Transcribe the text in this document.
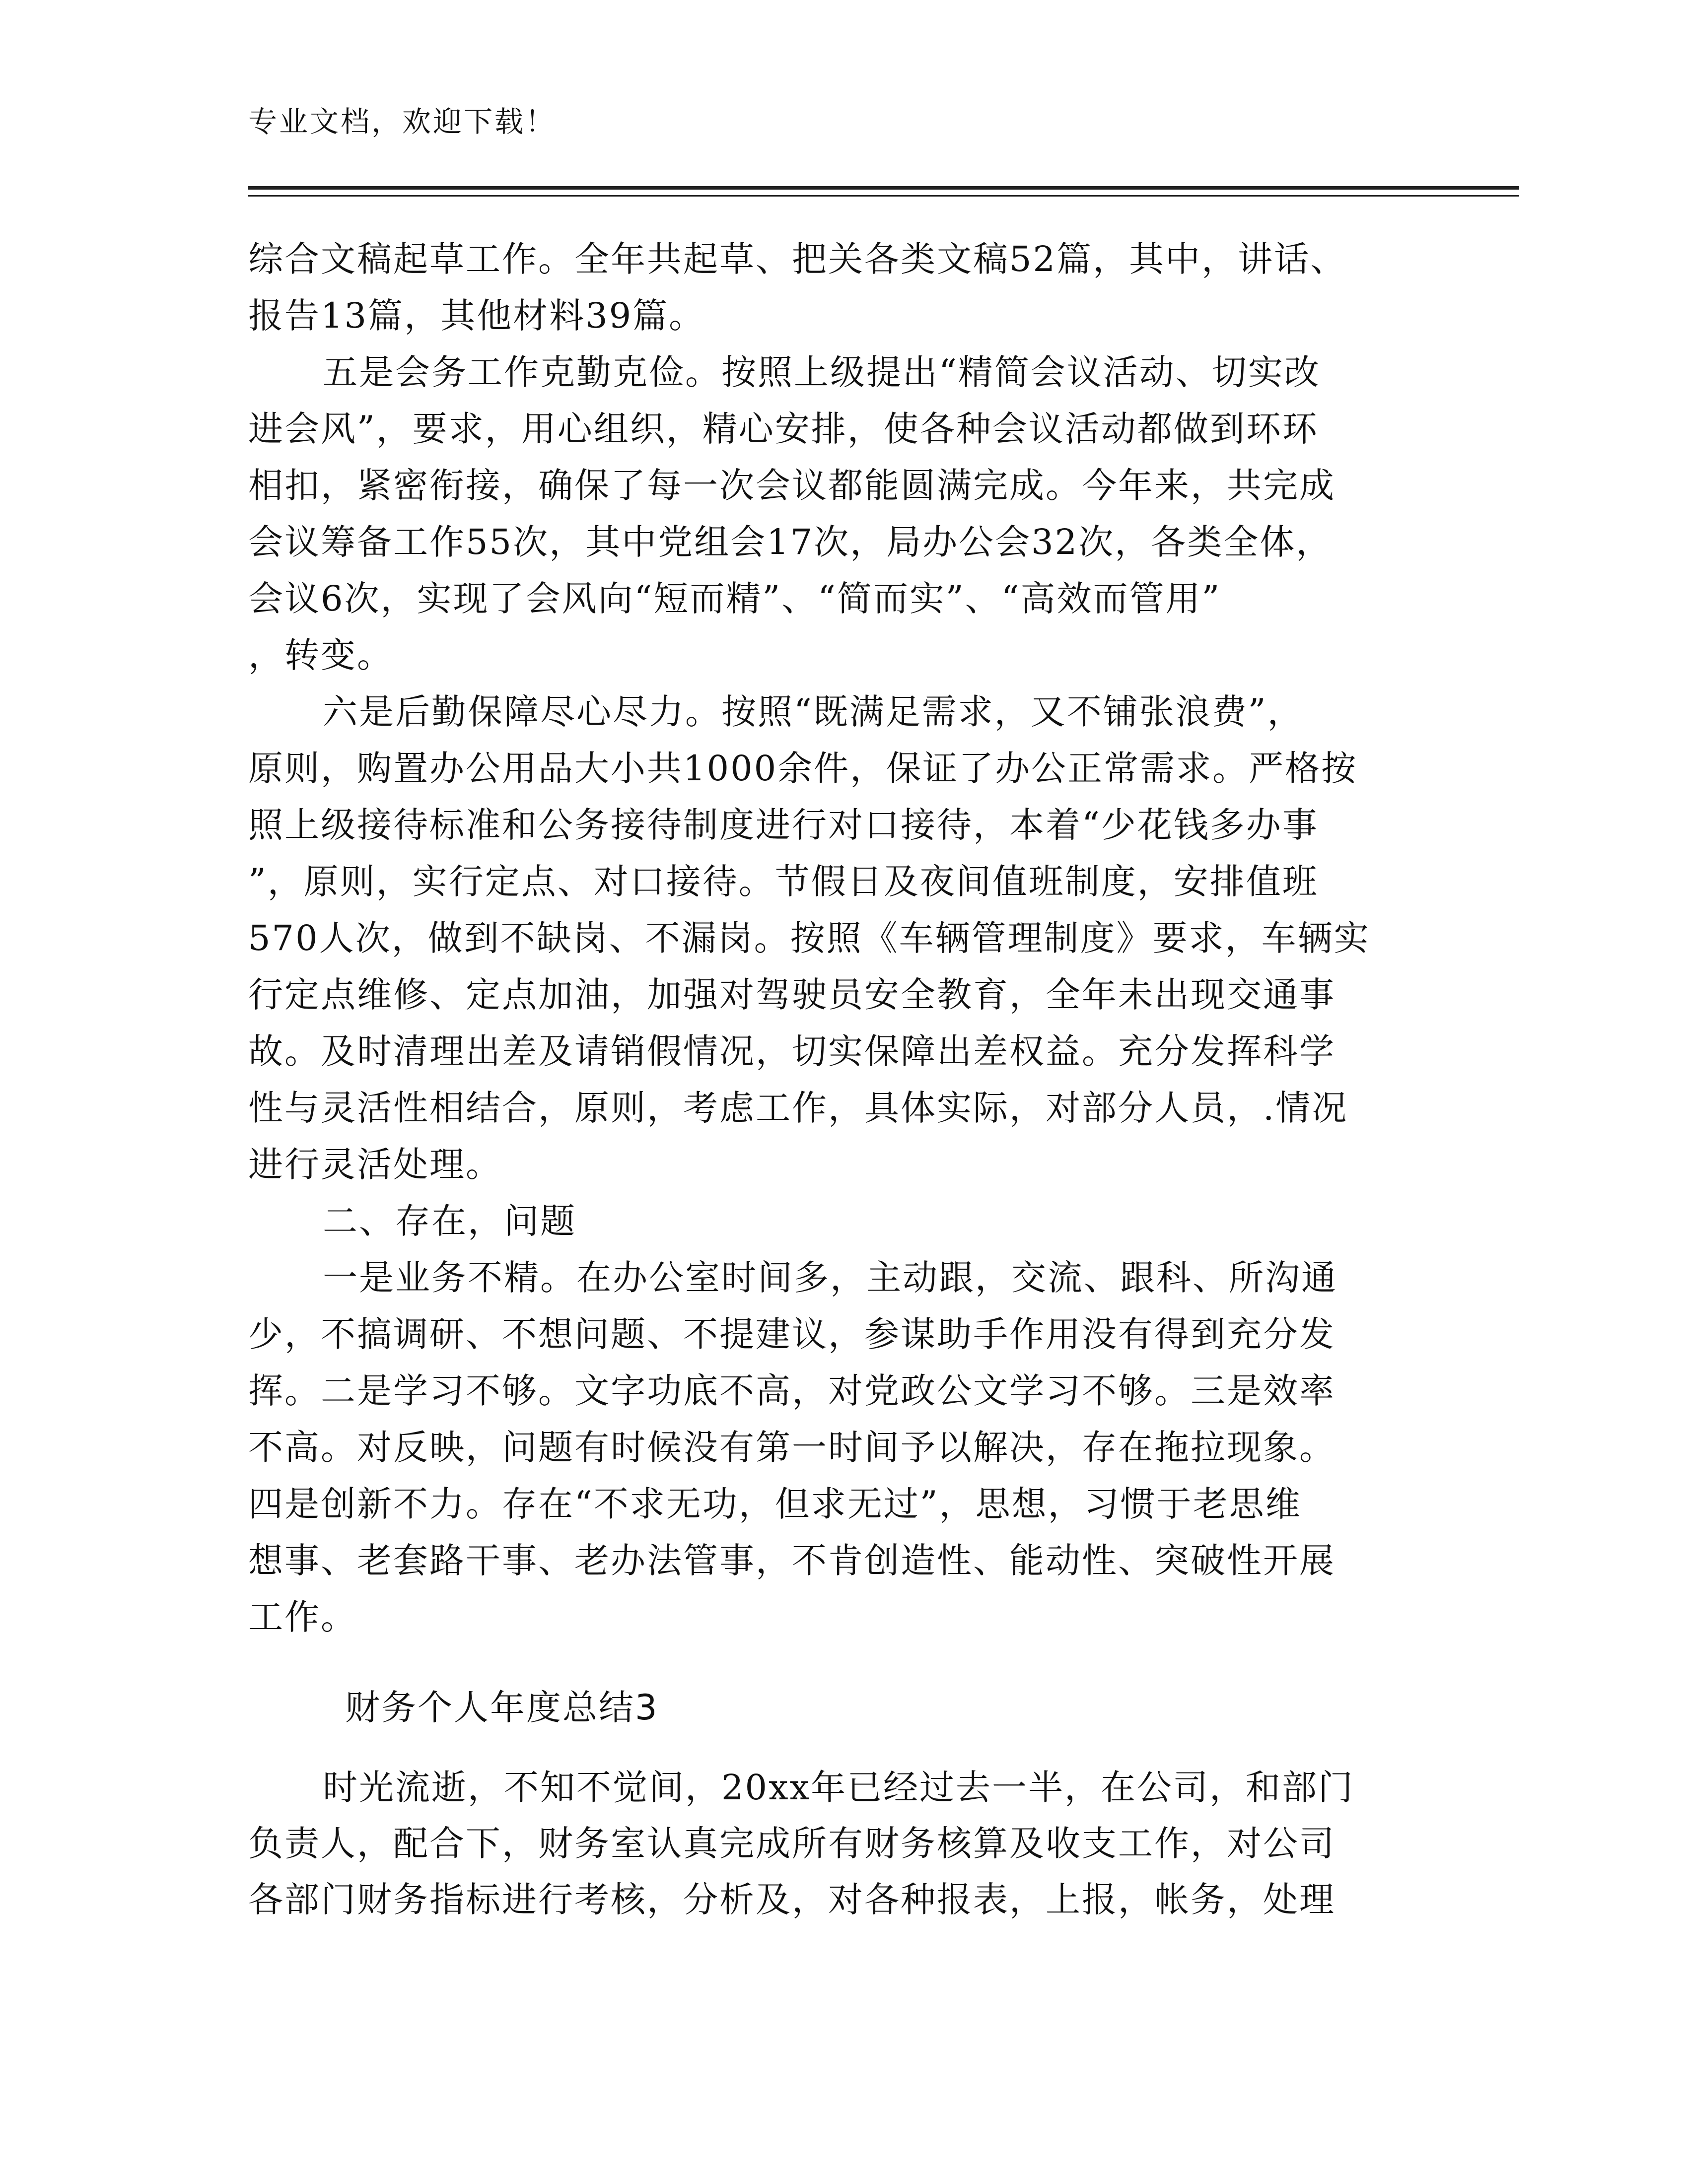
专业文档，欢迎下载！
综合文稿起草工作。全年共起草、把关各类文稿52篇，其中，讲话、
报告13篇，其他材料39篇。
五是会务工作克勤克俭。按照上级提出“精简会议活动、切实改
进会风”，要求，用心组织，精心安排，使各种会议活动都做到环环
相扣，紧密衔接，确保了每一次会议都能圆满完成。今年来，共完成
会议筹备工作55次，其中党组会17次，局办公会32次，各类全体，
会议6次，实现了会风向“短而精”、“简而实”、“高效而管用”
，转变。
六是后勤保障尽心尽力。按照“既满足需求，又不铺张浪费”，
原则，购置办公用品大小共1000余件，保证了办公正常需求。严格按
照上级接待标准和公务接待制度进行对口接待，本着“少花钱多办事
”，原则，实行定点、对口接待。节假日及夜间值班制度，安排值班
570人次，做到不缺岗、不漏岗。按照《车辆管理制度》要求，车辆实
行定点维修、定点加油，加强对驾驶员安全教育，全年未出现交通事
故。及时清理出差及请销假情况，切实保障出差权益。充分发挥科学
性与灵活性相结合，原则，考虑工作，具体实际，对部分人员，.情况
进行灵活处理。
二、存在，问题
一是业务不精。在办公室时间多，主动跟，交流、跟科、所沟通
少，不搞调研、不想问题、不提建议，参谋助手作用没有得到充分发
挥。二是学习不够。文字功底不高，对党政公文学习不够。三是效率
不高。对反映，问题有时候没有第一时间予以解决，存在拖拉现象。
四是创新不力。存在“不求无功，但求无过”，思想，习惯于老思维
想事、老套路干事、老办法管事，不肯创造性、能动性、突破性开展
工作。
财务个人年度总结3
时光流逝，不知不觉间，20xx年已经过去一半，在公司，和部门
负责人，配合下，财务室认真完成所有财务核算及收支工作，对公司
各部门财务指标进行考核，分析及，对各种报表，上报，帐务，处理
